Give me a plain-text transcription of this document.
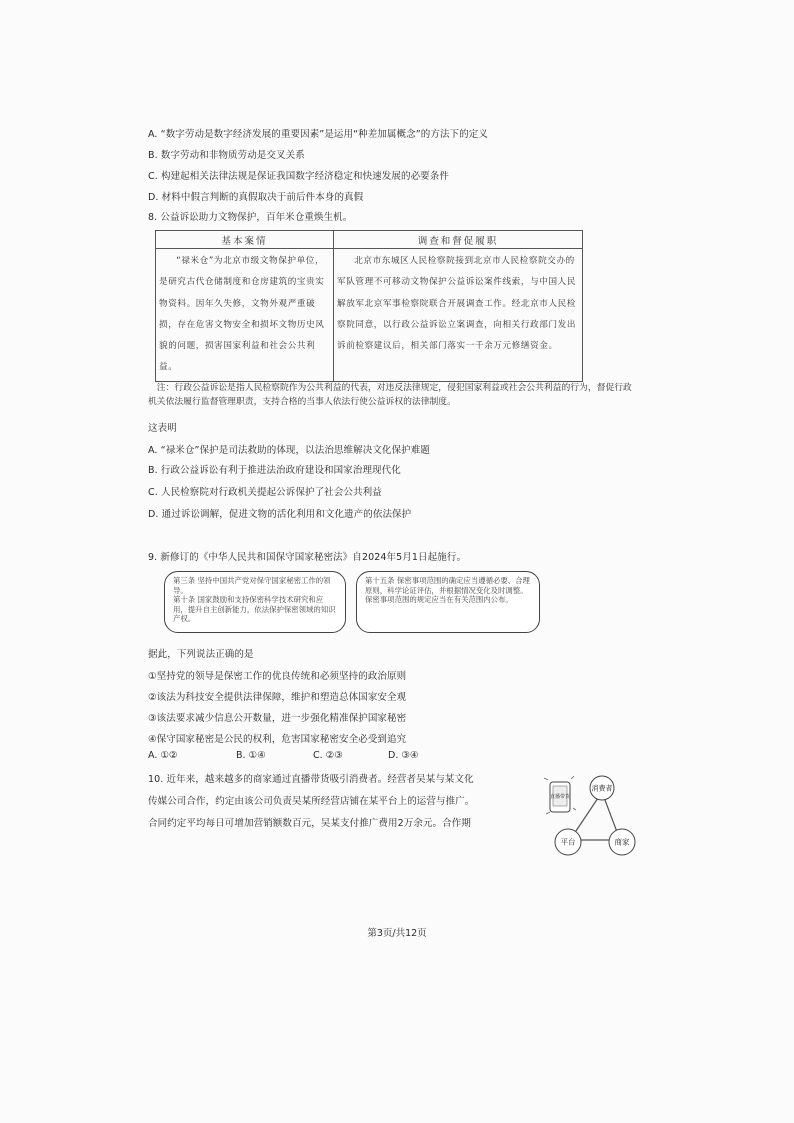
A. “数字劳动是数字经济发展的重要因素”是运用“种差加属概念”的方法下的定义
B. 数字劳动和非物质劳动是交叉关系
C. 构建起相关法律法规是保证我国数字经济稳定和快速发展的必要条件
D. 材料中假言判断的真假取决于前后件本身的真假
8. 公益诉讼助力文物保护，百年米仓重焕生机。
基本案情	调查和督促履职
“禄米仓”为北京市级文物保护单位，是研究古代仓储制度和仓房建筑的宝贵实物资料。因年久失修，文物外观严重破损，存在危害文物安全和损坏文物历史风貌的问题，损害国家利益和社会公共利益。	北京市东城区人民检察院接到北京市人民检察院交办的军队管理不可移动文物保护公益诉讼案件线索，与中国人民解放军北京军事检察院联合开展调查工作。经北京市人民检察院同意，以行政公益诉讼立案调查，向相关行政部门发出诉前检察建议后，相关部门落实一千余万元修缮资金。
注：行政公益诉讼是指人民检察院作为公共利益的代表，对违反法律规定，侵犯国家利益或社会公共利益的行为，督促行政机关依法履行监督管理职责，支持合格的当事人依法行使公益诉权的法律制度。
这表明
A. “禄米仓”保护是司法救助的体现，以法治思维解决文化保护难题
B. 行政公益诉讼有利于推进法治政府建设和国家治理现代化
C. 人民检察院对行政机关提起公诉保护了社会公共利益
D. 通过诉讼调解，促进文物的活化利用和文化遗产的依法保护
9. 新修订的《中华人民共和国保守国家秘密法》自2024年5月1日起施行。
第三条 坚持中国共产党对保守国家秘密工作的领导。
第十条 国家鼓励和支持保密科学技术研究和应用，提升自主创新能力，依法保护保密领域的知识产权。
第十五条 保密事项范围的确定应当遵循必要、合理原则，科学论证评估，并根据情况变化及时调整。保密事项范围的规定应当在有关范围内公布。
据此，下列说法正确的是
①坚持党的领导是保密工作的优良传统和必须坚持的政治原则
②该法为科技安全提供法律保障，维护和塑造总体国家安全观
③该法要求减少信息公开数量，进一步强化精准保护国家秘密
④保守国家秘密是公民的权利，危害国家秘密安全必受到追究
A. ①②	B. ①④	C. ②③	D. ③④
10. 近年来，越来越多的商家通过直播带货吸引消费者。经营者吴某与某文化
传媒公司合作，约定由该公司负责吴某所经营店铺在某平台上的运营与推广。
合同约定平均每日可增加营销额数百元，吴某支付推广费用2万余元。合作期
直播带货
消费者
平台	商家
第3页/共12页
